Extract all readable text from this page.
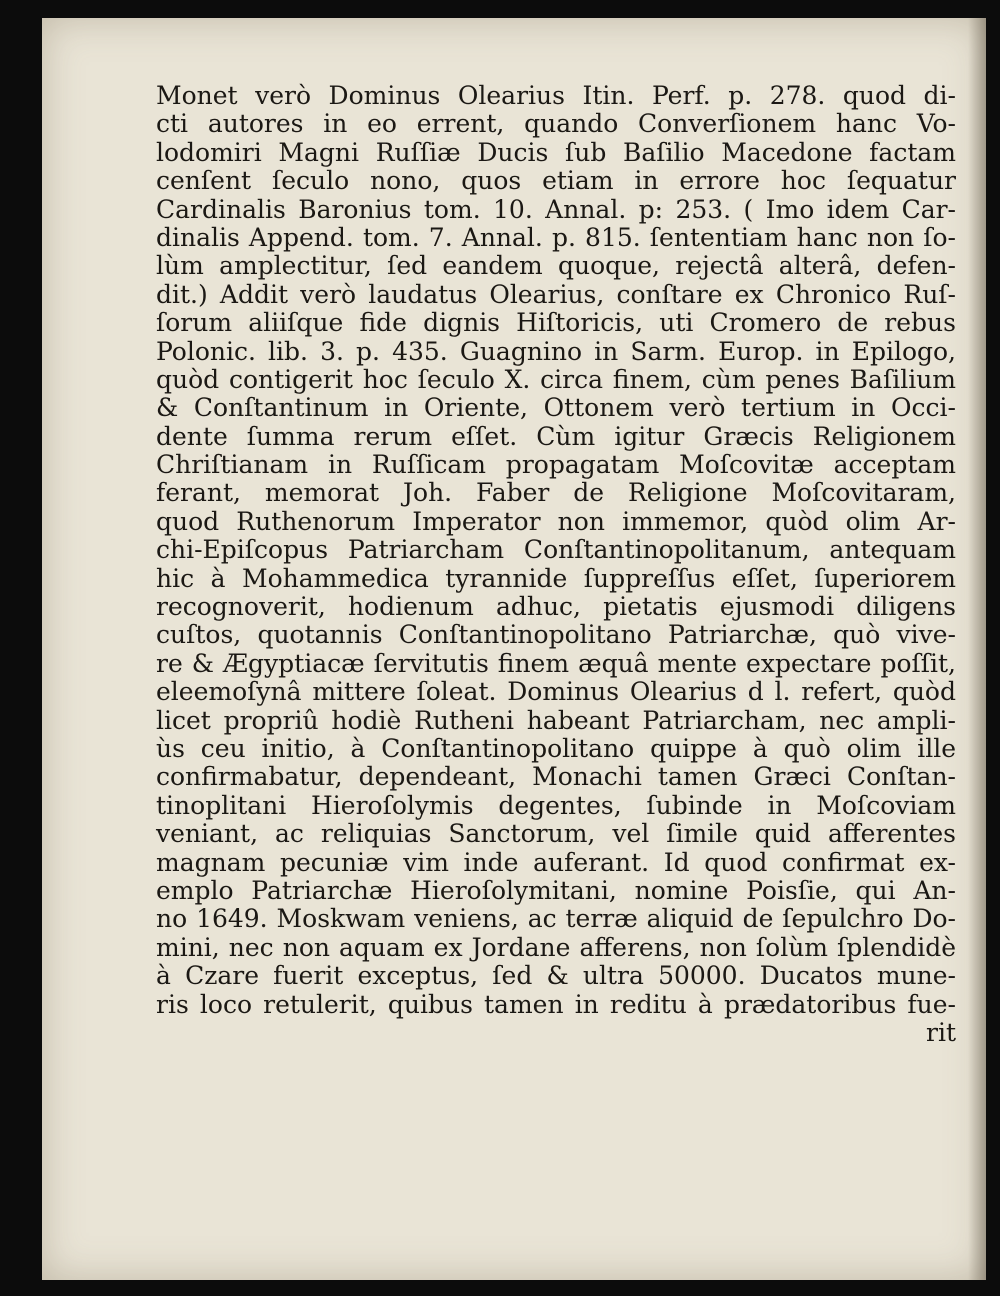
Monet verò Dominus Olearius Itin. Perf. p. 278. quod di-
cti autores in eo errent, quando Converſionem hanc Vo-
lodomiri Magni Ruſſiæ Ducis ſub Baſilio Macedone factam
cenſent ſeculo nono, quos etiam in errore hoc ſequatur
Cardinalis Baronius tom. 10. Annal. p: 253. ( Imo idem Car-
dinalis Append. tom. 7. Annal. p. 815. ſententiam hanc non ſo-
lùm amplectitur, ſed eandem quoque, rejectâ alterâ, defen-
dit.) Addit verò laudatus Olearius, conſtare ex Chronico Ruſ-
ſorum aliiſque fide dignis Hiſtoricis, uti Cromero de rebus
Polonic. lib. 3. p. 435. Guagnino in Sarm. Europ. in Epilogo,
quòd contigerit hoc ſeculo X. circa finem, cùm penes Baſilium
& Conſtantinum in Oriente, Ottonem verò tertium in Occi-
dente ſumma rerum eſſet. Cùm igitur Græcis Religionem
Chriſtianam in Ruſſicam propagatam Moſcovitæ acceptam
ferant, memorat Joh. Faber de Religione Moſcovitaram,
quod Ruthenorum Imperator non immemor, quòd olim Ar-
chi-Epiſcopus Patriarcham Conſtantinopolitanum, antequam
hic à Mohammedica tyrannide ſuppreſſus eſſet, ſuperiorem
recognoverit, hodienum adhuc, pietatis ejusmodi diligens
cuſtos, quotannis Conſtantinopolitano Patriarchæ, quò vive-
re & Ægyptiacæ ſervitutis finem æquâ mente expectare poſſit,
eleemoſynâ mittere ſoleat. Dominus Olearius d l. refert, quòd
licet propriû hodiè Rutheni habeant Patriarcham, nec ampli-
ùs ceu initio, à Conſtantinopolitano quippe à quò olim ille
confirmabatur, dependeant, Monachi tamen Græci Conſtan-
tinoplitani Hieroſolymis degentes, ſubinde in Moſcoviam
veniant, ac reliquias Sanctorum, vel ſimile quid afferentes
magnam pecuniæ vim inde auferant. Id quod confirmat ex-
emplo Patriarchæ Hieroſolymitani, nomine Poisſie, qui An-
no 1649. Moskwam veniens, ac terræ aliquid de ſepulchro Do-
mini, nec non aquam ex Jordane afferens, non ſolùm ſplendidè
à Czare fuerit exceptus, ſed & ultra 50000. Ducatos mune-
ris loco retulerit, quibus tamen in reditu à prædatoribus fue-
rit
